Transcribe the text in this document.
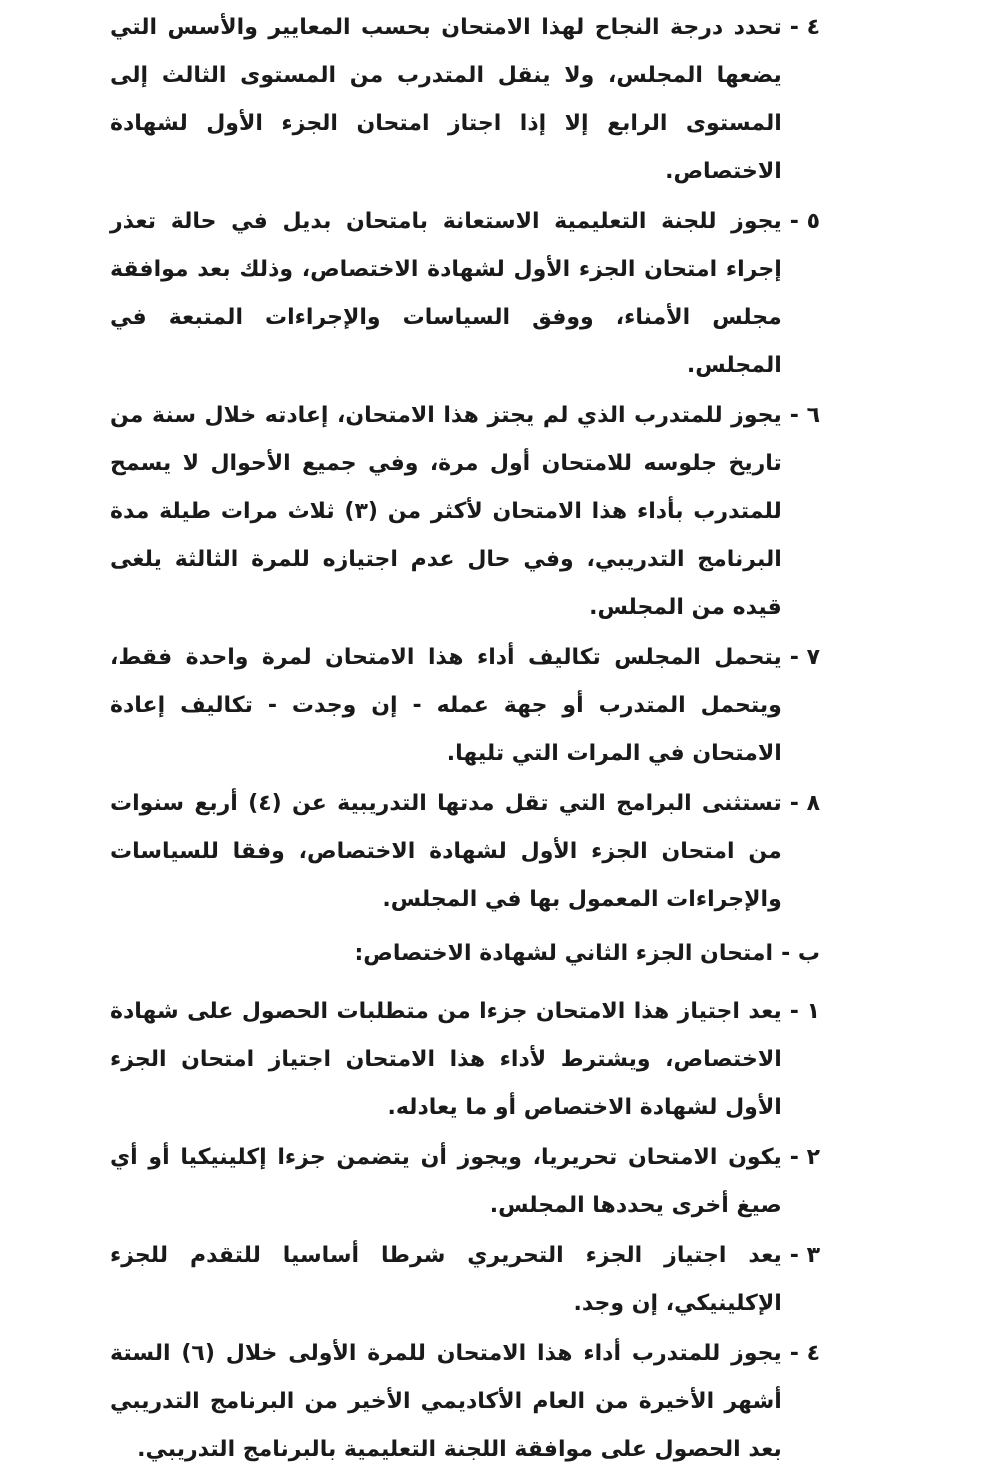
٤ -
تحدد درجة النجاح لهذا الامتحان بحسب المعايير والأسس التي يضعها المجلس، ولا ينقل المتدرب من المستوى الثالث إلى المستوى الرابع إلا إذا اجتاز امتحان الجزء الأول لشهادة الاختصاص.
٥ -
يجوز للجنة التعليمية الاستعانة بامتحان بديل في حالة تعذر إجراء امتحان الجزء الأول لشهادة الاختصاص، وذلك بعد موافقة مجلس الأمناء، ووفق السياسات والإجراءات المتبعة في المجلس.
٦ -
يجوز للمتدرب الذي لم يجتز هذا الامتحان، إعادته خلال سنة من تاريخ جلوسه للامتحان أول مرة، وفي جميع الأحوال لا يسمح للمتدرب بأداء هذا الامتحان لأكثر من (٣) ثلاث مرات طيلة مدة البرنامج التدريبي، وفي حال عدم اجتيازه للمرة الثالثة يلغى قيده من المجلس.
٧ -
يتحمل المجلس تكاليف أداء هذا الامتحان لمرة واحدة فقط، ويتحمل المتدرب أو جهة عمله - إن وجدت - تكاليف إعادة الامتحان في المرات التي تليها.
٨ -
تستثنى البرامج التي تقل مدتها التدريبية عن (٤) أربع سنوات من امتحان الجزء الأول لشهادة الاختصاص، وفقا للسياسات والإجراءات المعمول بها في المجلس.
ب -
امتحان الجزء الثاني لشهادة الاختصاص:
١ -
يعد اجتياز هذا الامتحان جزءا من متطلبات الحصول على شهادة الاختصاص، ويشترط لأداء هذا الامتحان اجتياز امتحان الجزء الأول لشهادة الاختصاص أو ما يعادله.
٢ -
يكون الامتحان تحريريا، ويجوز أن يتضمن جزءا إكلينيكيا أو أي صيغ أخرى يحددها المجلس.
٣ -
يعد اجتياز الجزء التحريري شرطا أساسيا للتقدم للجزء الإكلينيكي، إن وجد.
٤ -
يجوز للمتدرب أداء هذا الامتحان للمرة الأولى خلال (٦) الستة أشهر الأخيرة من العام الأكاديمي الأخير من البرنامج التدريبي بعد الحصول على موافقة اللجنة التعليمية بالبرنامج التدريبي.
